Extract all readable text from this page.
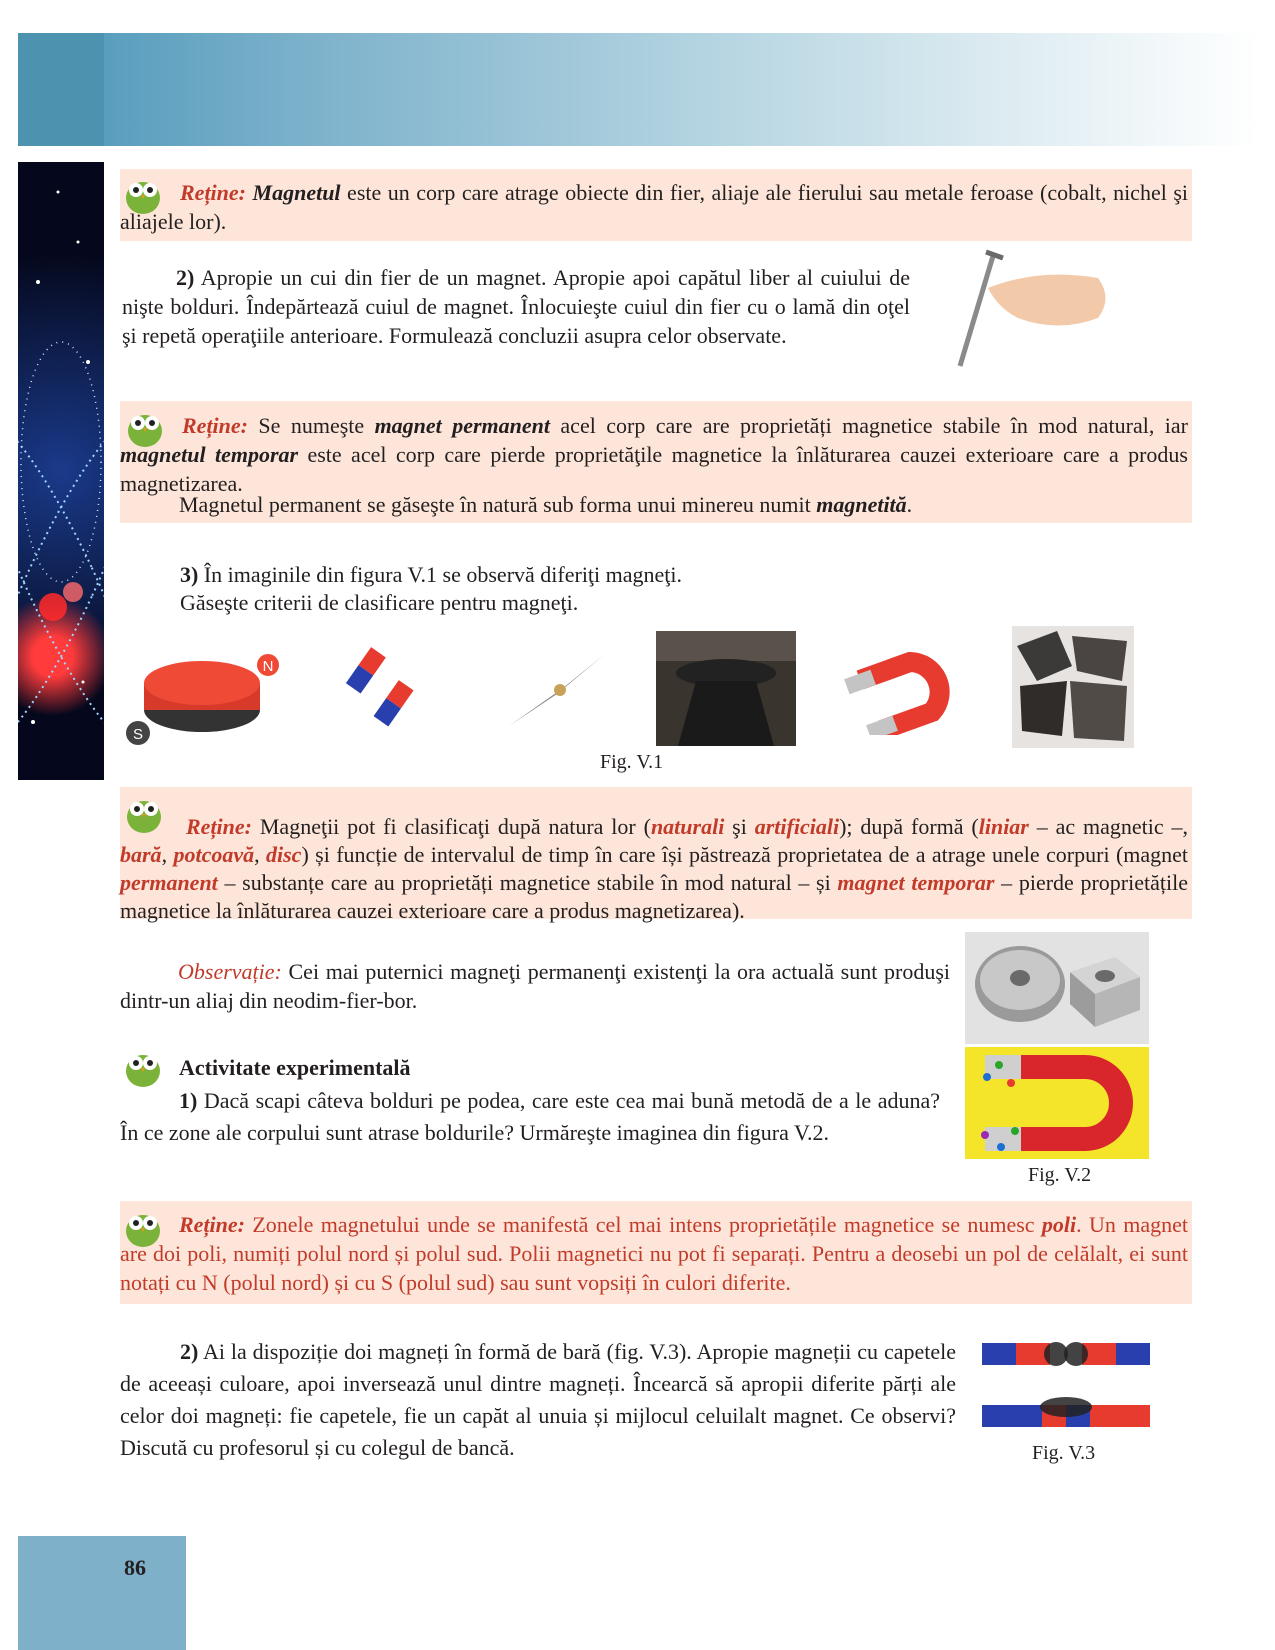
Reține: Magnetul este un corp care atrage obiecte din fier, aliaje ale fierului sau metale feroase (cobalt, nichel şi aliajele lor).

2) Apropie un cui din fier de un magnet. Apropie apoi capătul liber al cuiului de nişte bolduri. Îndepărtează cuiul de magnet. Înlocuieşte cuiul din fier cu o lamă din oţel şi repetă operaţiile anterioare. Formulează concluzii asupra celor observate.

Reține: Se numeşte magnet permanent acel corp care are proprietăți magnetice stabile în mod natural, iar magnetul temporar este acel corp care pierde proprietăţile magnetice la înlăturarea cauzei exterioare care a produs magnetizarea.

Magnetul permanent se găseşte în natură sub forma unui minereu numit magnetită.

3) În imaginile din figura V.1 se observă diferiţi magneţi.

Găseşte criterii de clasificare pentru magneţi.

N
S
Fig. V.1

Reține: Magneţii pot fi clasificaţi după natura lor (naturali şi artificiali); după formă (liniar – ac magnetic –, bară, potcoavă, disc) și funcție de intervalul de timp în care își păstrează proprietatea de a atrage unele corpuri (magnet permanent – substanțe care au proprietăți magnetice stabile în mod natural – și magnet temporar – pierde proprietățile magnetice la înlăturarea cauzei exterioare care a produs magnetizarea).

Observație: Cei mai puternici magneţi permanenţi existenţi la ora actuală sunt produşi dintr-un aliaj din neodim-fier-bor.

Activitate experimentală

1) Dacă scapi câteva bolduri pe podea, care este cea mai bună metodă de a le aduna? În ce zone ale corpului sunt atrase boldurile? Urmăreşte imaginea din figura V.2.

Fig. V.2

Reține: Zonele magnetului unde se manifestă cel mai intens proprietățile magnetice se numesc poli. Un magnet are doi poli, numiți polul nord și polul sud. Polii magnetici nu pot fi separați. Pentru a deosebi un pol de celălalt, ei sunt notați cu N (polul nord) și cu S (polul sud) sau sunt vopsiți în culori diferite.

2) Ai la dispoziție doi magneți în formă de bară (fig. V.3). Apropie magneții cu capetele de aceeași culoare, apoi inversează unul dintre magneți. Încearcă să apropii diferite părți ale celor doi magneți: fie capetele, fie un capăt al unuia și mijlocul celuilalt magnet. Ce observi? Discută cu profesorul și cu colegul de bancă.	Fig. V.3
86
